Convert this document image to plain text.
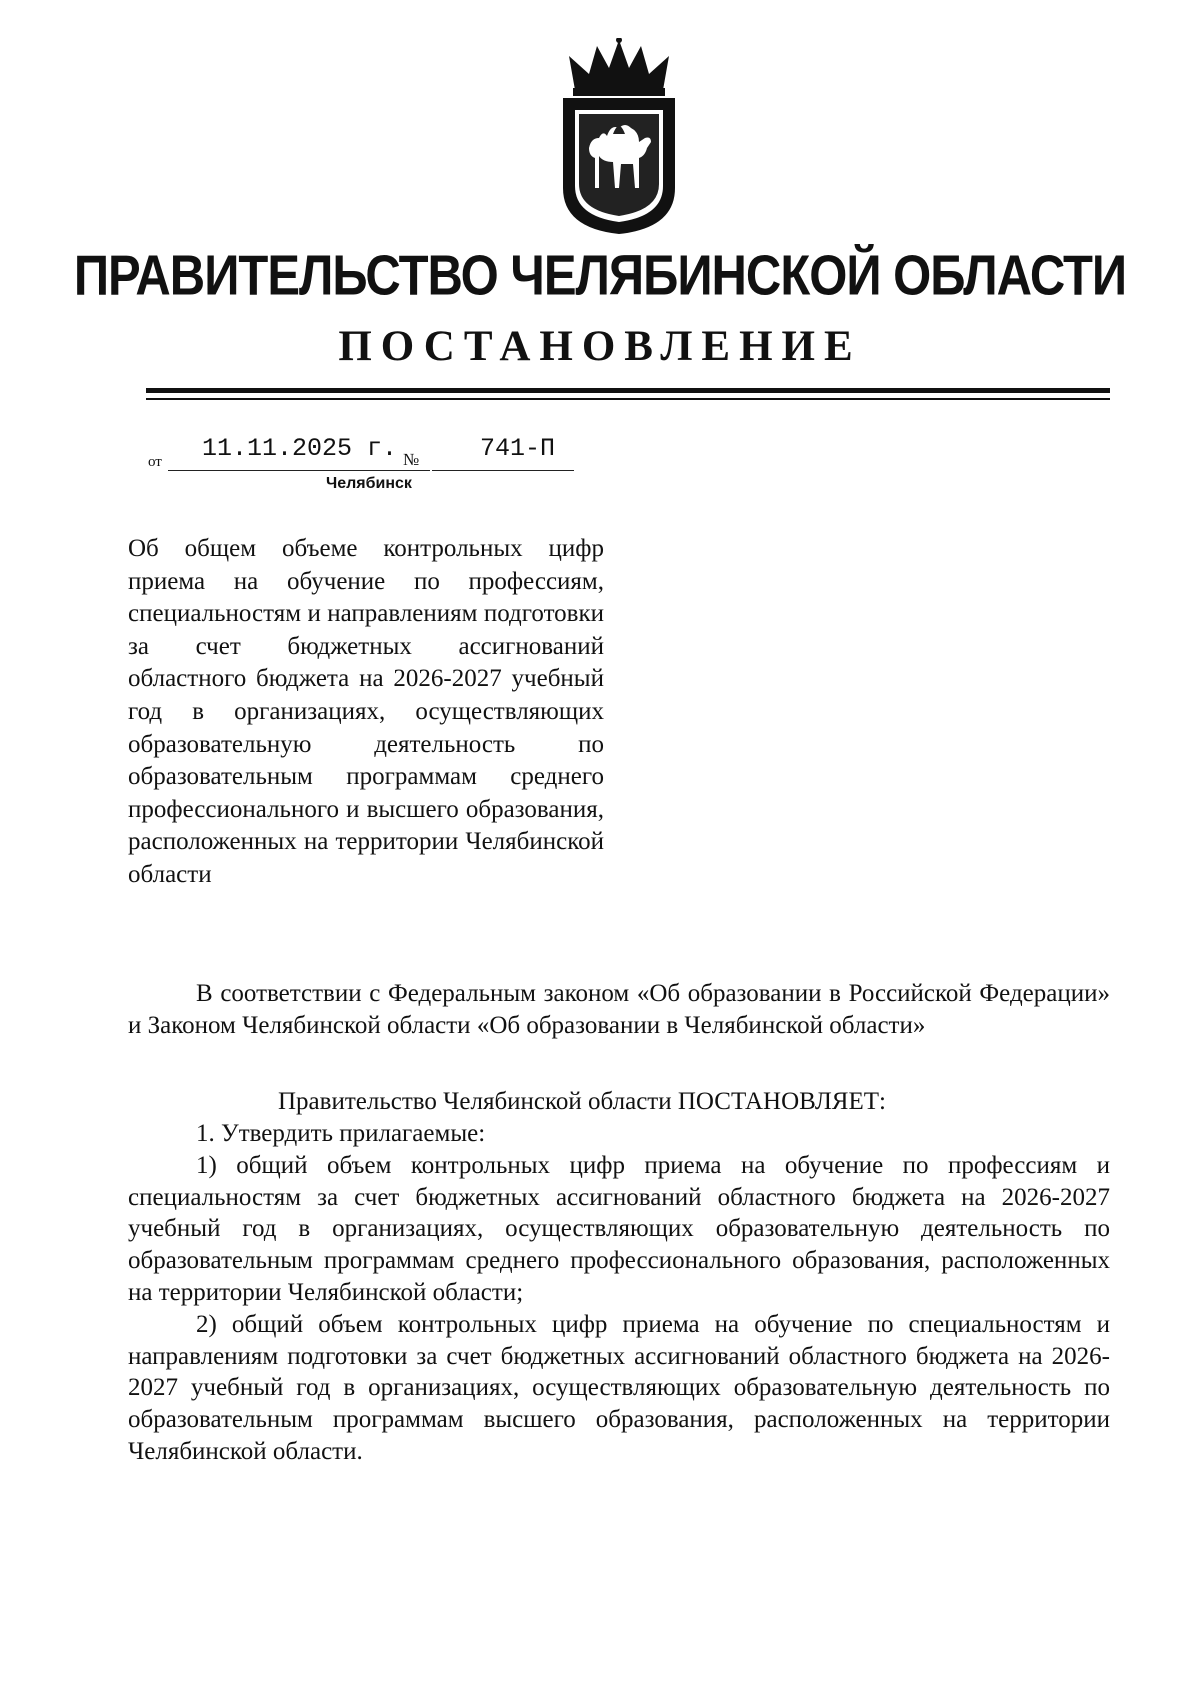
ПРАВИТЕЛЬСТВО ЧЕЛЯБИНСКОЙ ОБЛАСТИ
ПОСТАНОВЛЕНИЕ
от 11.11.2025 г. № 741-П
Челябинск
Об общем объеме контрольных цифр приема на обучение по профессиям, специальностям и направлениям подготовки за счет бюджетных ассигнований областного бюджета на 2026-2027 учебный год в организациях, осуществляющих образовательную деятельность по образовательным программам среднего профессионального и высшего образования, расположенных на территории Челябинской области

В соответствии с Федеральным законом «Об образовании в Российской Федерации» и Законом Челябинской области «Об образовании в Челябинской области»

Правительство Челябинской области ПОСТАНОВЛЯЕТ:

1. Утвердить прилагаемые:

1) общий объем контрольных цифр приема на обучение по профессиям и специальностям за счет бюджетных ассигнований областного бюджета на 2026-2027 учебный год в организациях, осуществляющих образовательную деятельность по образовательным программам среднего профессионального образования, расположенных на территории Челябинской области;

2) общий объем контрольных цифр приема на обучение по специальностям и направлениям подготовки за счет бюджетных ассигнований областного бюджета на 2026-2027 учебный год в организациях, осуществляющих образовательную деятельность по образовательным программам высшего образования, расположенных на территории Челябинской области.
